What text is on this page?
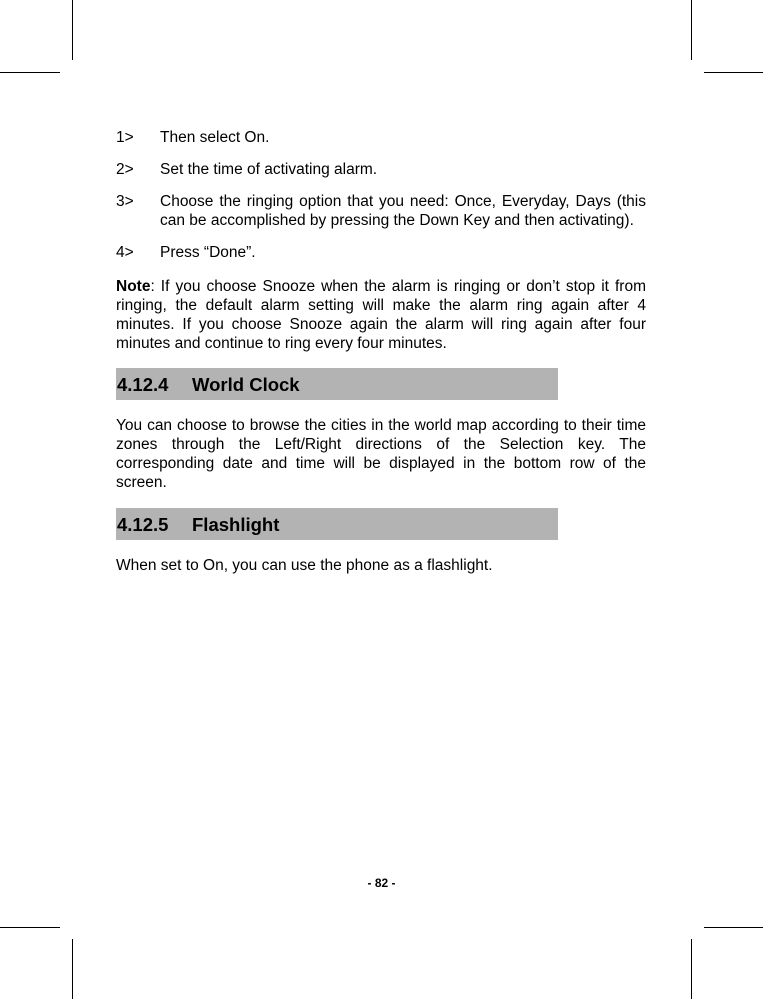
1>	Then select On.
2>	Set the time of activating alarm.
3>	Choose the ringing option that you need: Once, Everyday, Days (this can be accomplished by pressing the Down Key and then activating).
4>	Press “Done”.

Note: If you choose Snooze when the alarm is ringing or don’t stop it from ringing, the default alarm setting will make the alarm ring again after 4 minutes. If you choose Snooze again the alarm will ring again after four minutes and continue to ring every four minutes.

4.12.4	World Clock

You can choose to browse the cities in the world map according to their time zones through the Left/Right directions of the Selection key. The corresponding date and time will be displayed in the bottom row of the screen.

4.12.5	Flashlight

When set to On, you can use the phone as a flashlight.

- 82 -
